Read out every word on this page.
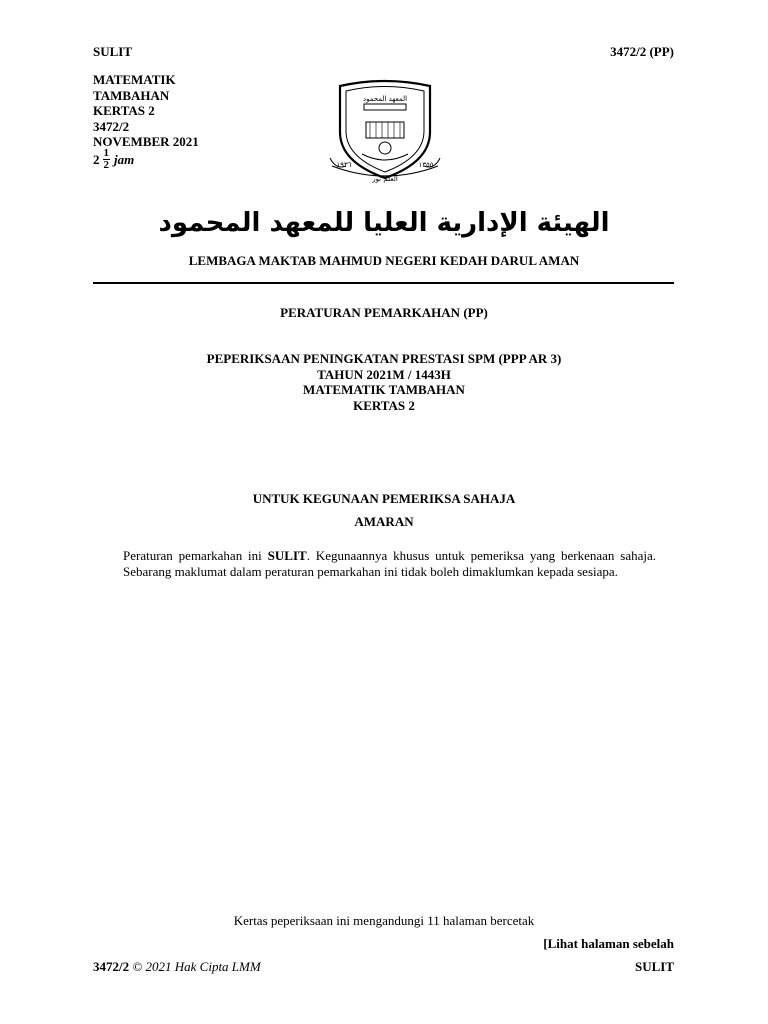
SULIT	3472/2 (PP)
MATEMATIK
TAMBAHAN
KERTAS 2
3472/2
NOVEMBER 2021
$2 \frac{1}{2}$ jam
المعهد المحمود
١٩٣٦	١٣٥٥
العلم نور
الهيئة الإدارية العليا للمعهد المحمود
LEMBAGA MAKTAB MAHMUD NEGERI KEDAH DARUL AMAN
PERATURAN PEMARKAHAN (PP)
PEPERIKSAAN PENINGKATAN PRESTASI SPM (PPP AR 3)
TAHUN 2021M / 1443H
MATEMATIK TAMBAHAN
KERTAS 2
UNTUK KEGUNAAN PEMERIKSA SAHAJA
AMARAN
Peraturan pemarkahan ini SULIT. Kegunaannya khusus untuk pemeriksa yang berkenaan sahaja. Sebarang maklumat dalam peraturan pemarkahan ini tidak boleh dimaklumkan kepada sesiapa.
Kertas peperiksaan ini mengandungi 11 halaman bercetak
[Lihat halaman sebelah
3472/2 © 2021 Hak Cipta LMM	SULIT
